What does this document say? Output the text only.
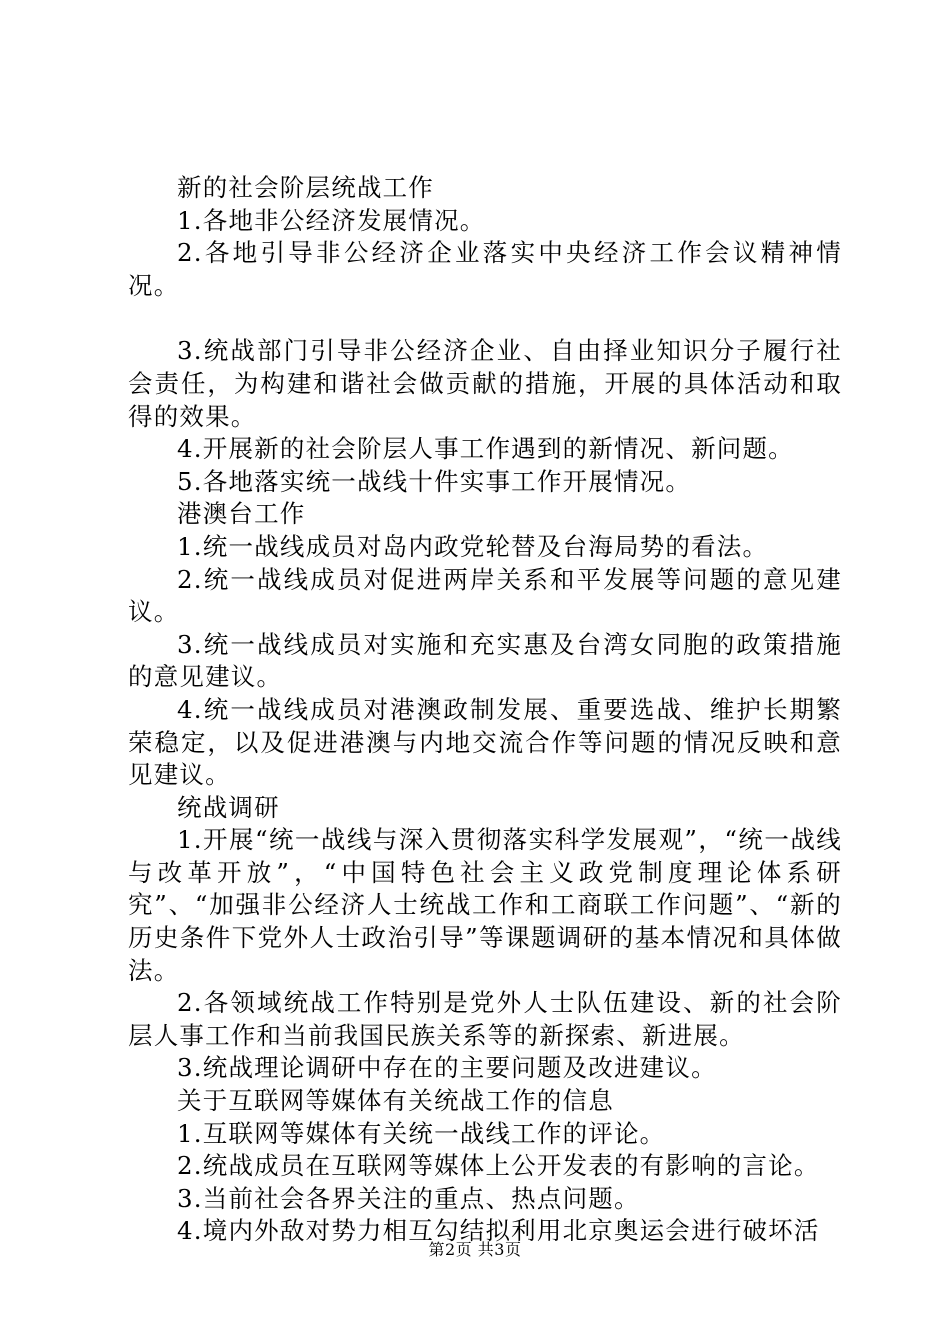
新的社会阶层统战工作

1.各地非公经济发展情况。

2.各地引导非公经济企业落实中央经济工作会议精神情况。

3.统战部门引导非公经济企业、自由择业知识分子履行社会责任，为构建和谐社会做贡献的措施，开展的具体活动和取得的效果。

4.开展新的社会阶层人事工作遇到的新情况、新问题。

5.各地落实统一战线十件实事工作开展情况。

港澳台工作

1.统一战线成员对岛内政党轮替及台海局势的看法。

2.统一战线成员对促进两岸关系和平发展等问题的意见建议。

3.统一战线成员对实施和充实惠及台湾女同胞的政策措施的意见建议。

4.统一战线成员对港澳政制发展、重要选战、维护长期繁荣稳定，以及促进港澳与内地交流合作等问题的情况反映和意见建议。

统战调研

1.开展“统一战线与深入贯彻落实科学发展观”，“统一战线与改革开放”，“中国特色社会主义政党制度理论体系研究”、“加强非公经济人士统战工作和工商联工作问题”、“新的历史条件下党外人士政治引导”等课题调研的基本情况和具体做法。

2.各领域统战工作特别是党外人士队伍建设、新的社会阶层人事工作和当前我国民族关系等的新探索、新进展。

3.统战理论调研中存在的主要问题及改进建议。

关于互联网等媒体有关统战工作的信息

1.互联网等媒体有关统一战线工作的评论。

2.统战成员在互联网等媒体上公开发表的有影响的言论。

3.当前社会各界关注的重点、热点问题。

4.境内外敌对势力相互勾结拟利用北京奥运会进行破坏活

第2页 共3页
